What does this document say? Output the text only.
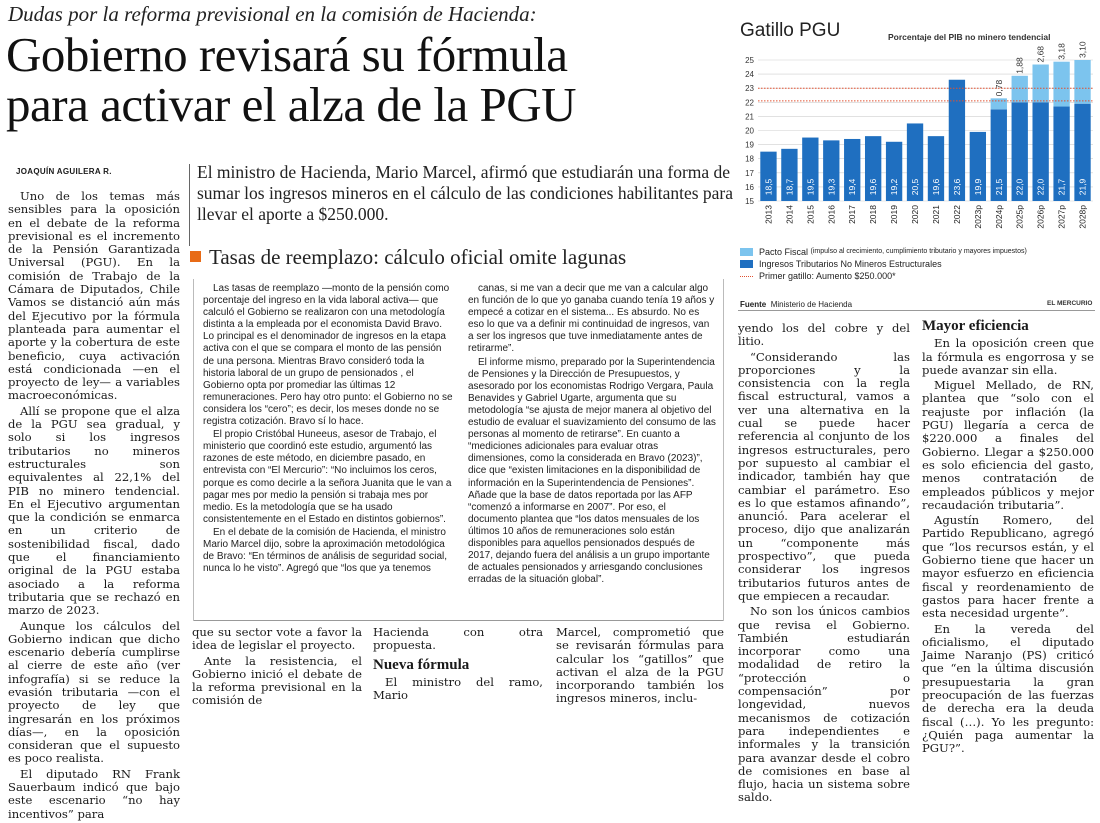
Dudas por la reforma previsional en la comisión de Hacienda:
Gobierno revisará su fórmula
para activar el alza de la PGU
JOAQUÍN AGUILERA R.	El ministro de Hacienda, Mario Marcel, afirmó que estudiarán una forma de sumar los ingresos mineros en el cálculo de las condiciones habilitantes para llevar el aporte a $250.000.

Uno de los temas más sensibles para la oposición en el debate de la reforma previsional es el incremento de la Pensión Garantizada Universal (PGU). En la comisión de Trabajo de la Cámara de Diputados, Chile Vamos se distanció aún más del Ejecutivo por la fórmula planteada para aumentar el aporte y la cobertura de este beneficio, cuya activación está condicionada —en el proyecto de ley— a variables macroeconómicas.

Allí se propone que el alza de la PGU sea gradual, y solo si los ingresos tributarios no mineros estructurales son equivalentes al 22,1% del PIB no minero tendencial. En el Ejecutivo argumentan que la condición se enmarca en un criterio de sostenibilidad fiscal, dado que el financiamiento original de la PGU estaba asociado a la reforma tributaria que se rechazó en marzo de 2023.

Aunque los cálculos del Gobierno indican que dicho escenario debería cumplirse al cierre de este año (ver infografía) si se reduce la evasión tributaria —con el proyecto de ley que ingresarán en los próximos días—, en la oposición consideran que el supuesto es poco realista.

El diputado RN Frank Sauerbaum indicó que bajo este escenario “no hay incentivos” para

Tasas de reemplazo: cálculo oficial omite lagunas

Las tasas de reemplazo —monto de la pensión como porcentaje del ingreso en la vida laboral activa— que calculó el Gobierno se realizaron con una metodología distinta a la empleada por el economista David Bravo. Lo principal es el denominador de ingresos en la etapa activa con el que se compara el monto de las pensión de una persona. Mientras Bravo consideró toda la historia laboral de un grupo de pensionados , el Gobierno opta por promediar las últimas 12 remuneraciones. Pero hay otro punto: el Gobierno no se considera los “cero”; es decir, los meses donde no se registra cotización. Bravo sí lo hace.

El propio Cristóbal Huneeus, asesor de Trabajo, el ministerio que coordinó este estudio, argumentó las razones de este método, en diciembre pasado, en entrevista con “El Mercurio”: “No incluimos los ceros, porque es como decirle a la señora Juanita que le van a pagar mes por medio la pensión si trabaja mes por medio. Es la metodología que se ha usado consistentemente en el Estado en distintos gobiernos”.

En el debate de la comisión de Hacienda, el ministro Mario Marcel dijo, sobre la aproximación metodológica de Bravo: “En términos de análisis de seguridad social, nunca lo he visto”. Agregó que “los que ya tenemos

canas, si me van a decir que me van a calcular algo en función de lo que yo ganaba cuando tenía 19 años y empecé a cotizar en el sistema... Es absurdo. No es eso lo que va a definir mi continuidad de ingresos, van a ser los ingresos que tuve inmediatamente antes de retirarme”.

El informe mismo, preparado por la Superintendencia de Pensiones y la Dirección de Presupuestos, y asesorado por los economistas Rodrigo Vergara, Paula Benavides y Gabriel Ugarte, argumenta que su metodología “se ajusta de mejor manera al objetivo del estudio de evaluar el suavizamiento del consumo de las personas al momento de retirarse”. En cuanto a “mediciones adicionales para evaluar otras dimensiones, como la considerada en Bravo (2023)”, dice que “existen limitaciones en la disponibilidad de información en la Superintendencia de Pensiones”. Añade que la base de datos reportada por las AFP “comenzó a informarse en 2007”. Por eso, el documento plantea que “los datos mensuales de los últimos 10 años de remuneraciones solo están disponibles para aquellos pensionados después de 2017, dejando fuera del análisis a un grupo importante de actuales pensionados y arriesgando conclusiones erradas de la situación global”.

que su sector vote a favor la idea de legislar el proyecto.

Ante la resistencia, el Gobierno inició el debate de la reforma previsional en la comisión de

Hacienda con otra propuesta.

Nueva fórmula

El ministro del ramo, Mario

Marcel, comprometió que se revisarán fórmulas para calcular los “gatillos” que activan el alza de la PGU incorporando también los ingresos mineros, inclu-

yendo los del cobre y del litio.

“Considerando las proporciones y la consistencia con la regla fiscal estructural, vamos a ver una alternativa en la cual se puede hacer referencia al conjunto de los ingresos estructurales, pero por supuesto al cambiar el indicador, también hay que cambiar el parámetro. Eso es lo que estamos afinando”, anunció. Para acelerar el proceso, dijo que analizarán un “componente más prospectivo”, que pueda considerar los ingresos tributarios futuros antes de que empiecen a recaudar.

No son los únicos cambios que revisa el Gobierno. También estudiarán incorporar como una modalidad de retiro la “protección o compensación” por longevidad, nuevos mecanismos de cotización para independientes e informales y la transición para avanzar desde el cobro de comisiones en base al flujo, hacia un sistema sobre saldo.

Mayor eficiencia

En la oposición creen que la fórmula es engorrosa y se puede avanzar sin ella.

Miguel Mellado, de RN, plantea que “solo con el reajuste por inflación (la PGU) llegaría a cerca de $220.000 a finales del Gobierno. Llegar a $250.000 es solo eficiencia del gasto, menos contratación de empleados públicos y mejor recaudación tributaria”.

Agustín Romero, del Partido Republicano, agregó que “los recursos están, y el Gobierno tiene que hacer un mayor esfuerzo en eficiencia fiscal y reordenamiento de gastos para hacer frente a esta necesidad urgente”.

En la vereda del oficialismo, el diputado Jaime Naranjo (PS) criticó que “en la última discusión presupuestaria la gran preocupación de las fuerzas de derecha era la deuda fiscal (…). Yo les pregunto: ¿Quién paga aumentar la PGU?”.

Gatillo PGU	Porcentaje del PIB no minero tendencial
15
16
17
18
19
20
21
22
23
24
25
18,5
2013
18,7
2014
19,5
2015
19,3
2016
19,4
2017
19,6
2018
19,2
2019
20,5
2020
19,6
2021
23,6
2022
19,9
2023p
21,5
0,78
2024p
22,0
1,88
2025p
22,0
2,68
2026p
21,7
3,18
2027p
21,9
3,10
2028p
Pacto Fiscal
(impulso al crecimiento, cumplimiento tributario y mayores impuestos)
Ingresos Tributarios No Mineros Estructurales
Primer gatillo: Aumento $250.000*
Fuente Ministerio de Hacienda	EL MERCURIO
